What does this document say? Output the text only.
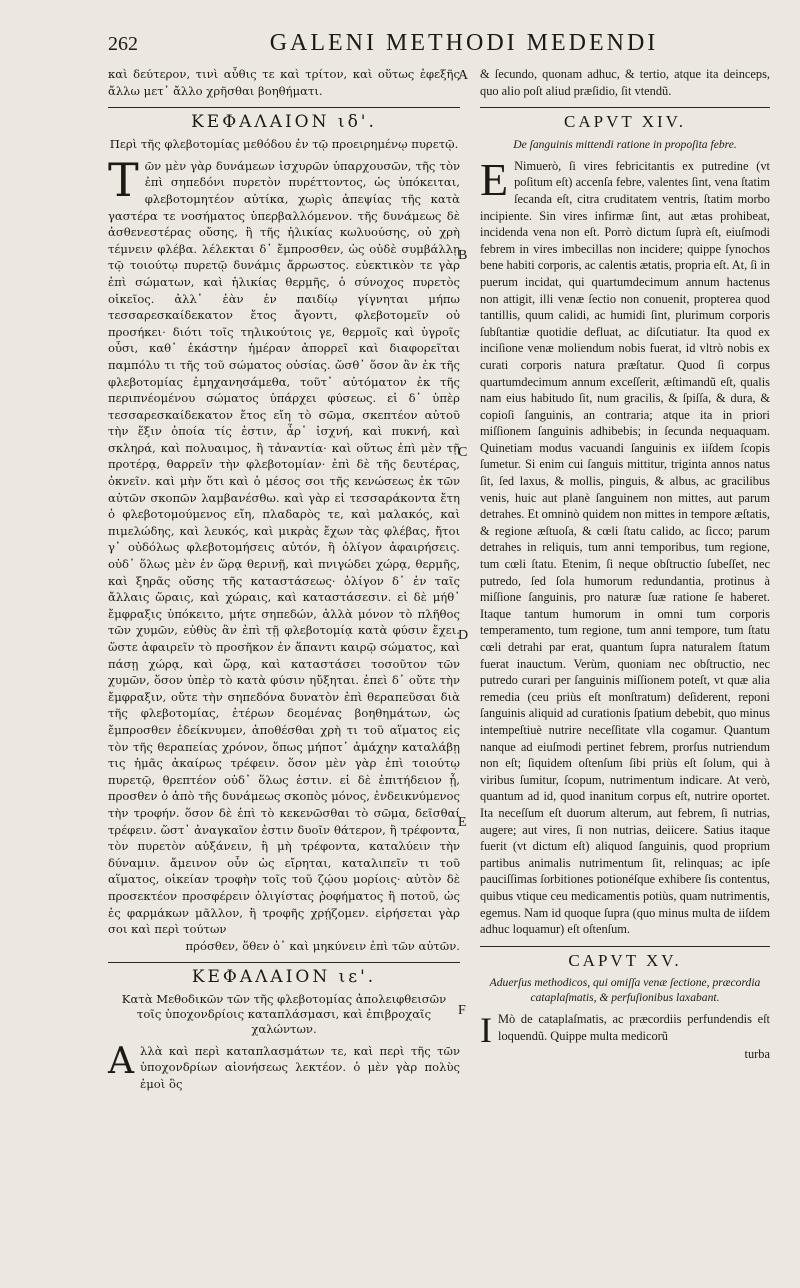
262	GALENI METHODI MEDENDI

καὶ δεύτερον, τινὶ αὖθις τε καὶ τρίτον, καὶ οὕτως ἐφεξῆς ἄλλω μετ᾽ ἄλλο χρῆσθαι βοηθήματι.

ΚΕΦΑΛΑΙΟΝ ιδ'.
Περὶ τῆς φλεβοτομίας μεθόδου ἐν τῷ προειρημένῳ πυρετῷ.

Τῶν μὲν γὰρ δυνάμεων ἰσχυρῶν ὑπαρχουσῶν, τῆς τὸν ἐπὶ σηπεδόνι πυρετὸν πυρέττοντος, ὡς ὑπόκειται, φλεβοτομητέον αὐτίκα, χωρὶς ἀπεψίας τῆς κατὰ γαστέρα τε νοσήματος ὑπερβαλλόμενον. τῆς δυνάμεως δὲ ἀσθενεστέρας οὔσης, ἢ τῆς ἡλικίας κωλυούσης, οὐ χρὴ τέμνειν φλέβα. λέλεκται δ᾽ ἔμπροσθεν, ὡς οὐδὲ συμβάλλῃ τῷ τοιούτῳ πυρετῷ δυνάμις ἄρρωστος. εὐεκτικὸν τε γὰρ ἐπὶ σώματων, καὶ ἡλικίας θερμῆς, ὁ σύνοχος πυρετὸς οἰκεῖος. ἀλλ᾽ ἐὰν ἐν παιδίῳ γίγνηται μήπω τεσσαρεσκαίδεκατον ἔτος ἄγοντι, φλεβοτομεῖν οὐ προσήκει· διότι τοῖς τηλικούτοις γε, θερμοῖς καὶ ὑγροῖς οὖσι, καθ᾽ ἑκάστην ἡμέραν ἀπορρεῖ καὶ διαφορεῖται παμπόλυ τι τῆς τοῦ σώματος οὐσίας. ὥσθ᾽ ὅσον ἂν ἐκ τῆς φλεβοτομίας ἐμηχανησάμεθα, τοῦτ᾽ αὐτόματον ἐκ τῆς περιπνέομένου σώματος ὑπάρχει φύσεως. εἰ δ᾽ ὑπὲρ τεσσαρεσκαίδεκατον ἔτος εἴη τὸ σῶμα, σκεπτέον αὐτοῦ τὴν ἕξιν ὁποία τίς ἐστιν, ἆρ᾽ ἰσχνή, καὶ πυκνή, καὶ σκληρά, καὶ πολυαιμος, ἢ τἀναντία· καὶ οὕτως ἐπὶ μὲν τῇ προτέρᾳ, θαρρεῖν τὴν φλεβοτομίαν· ἐπὶ δὲ τῆς δευτέρας, ὀκνεῖν. καὶ μὴν ὅτι καὶ ὁ μέσος σοι τῆς κενώσεως ἐκ τῶν αὐτῶν σκοπῶν λαμβανέσθω. καὶ γὰρ εἰ τεσσαράκοντα ἔτη ὁ φλεβοτομούμενος εἴη, πλαδαρὸς τε, καὶ μαλακός, καὶ πιμελώδης, καὶ λευκός, καὶ μικρὰς ἔχων τὰς φλέβας, ἤτοι γ᾽ οὐδόλως φλεβοτομήσεις αὐτόν, ἢ ὀλίγον ἀφαιρήσεις. οὐδ᾽ ὅλως μὲν ἐν ὥρᾳ θερινῇ, καὶ πνιγώδει χώρᾳ, θερμῆς, καὶ ξηρᾶς οὔσης τῆς καταστάσεως· ὀλίγον δ᾽ ἐν ταῖς ἄλλαις ὥραις, καὶ χώραις, καὶ καταστάσεσιν. εἰ δὲ μήθ᾽ ἔμφραξις ὑπόκειτο, μήτε σηπεδών, ἀλλὰ μόνον τὸ πλῆθος τῶν χυμῶν, εὐθὺς ἂν ἐπὶ τῇ φλεβοτομίᾳ κατὰ φύσιν ἔχει. ὥστε ἀφαιρεῖν τὸ προσῆκον ἐν ἅπαντι καιρῷ σώματος, καὶ πάσῃ χώρᾳ, καὶ ὥρᾳ, καὶ καταστάσει τοσοῦτον τῶν χυμῶν, ὅσον ὑπὲρ τὸ κατὰ φύσιν ηὔξηται. ἐπεὶ δ᾽ οὔτε τὴν ἔμφραξιν, οὔτε τὴν σηπεδόνα δυνατὸν ἐπὶ θεραπεῦσαι διὰ τῆς φλεβοτομίας, ἑτέρων δεομένας βοηθημάτων, ὡς ἔμπροσθεν ἐδείκνυμεν, ἀποθέσθαι χρὴ τι τοῦ αἵματος εἰς τὸν τῆς θεραπείας χρόνον, ὅπως μήποτ᾽ ἀμάχην καταλάβῃ τις ἡμᾶς ἀκαίρως τρέφειν. ὅσον μὲν γὰρ ἐπὶ τοιούτῳ πυρετῷ, θρεπτέον οὐδ᾽ ὅλως ἐστιν. εἰ δὲ ἐπιτήδειον ᾖ, προσθεν ὁ ἀπὸ τῆς δυνάμεως σκοπὸς μόνος, ἐνδεικνύμενος τὴν τροφήν. ὅσον δὲ ἐπὶ τὸ κεκενῶσθαι τὸ σῶμα, δεῖσθαί τρέφειν. ὥστ᾽ ἀναγκαῖον ἐστιν δυοῖν θάτερον, ἢ τρέφοντα, τὸν πυρετὸν αὐξάνειν, ἢ μὴ τρέφοντα, καταλύειν τὴν δύναμιν. ἄμεινον οὖν ὡς εἴρηται, καταλιπεῖν τι τοῦ αἵματος, οἰκείαν τροφὴν τοῖς τοῦ ζῴου μορίοις· αὐτὸν δὲ προσεκτέον προσφέρειν ὀλιγίστας ῥοφήματος ἢ ποτοῦ, ὡς ἐς φαρμάκων μᾶλλον, ἢ τροφῆς χρῄζομεν. εἰρήσεται γὰρ σοι καὶ περὶ τούτων

πρόσθεν, ὅθεν ὀ᾽ καὶ μηκύνειν ἐπὶ τῶν αὐτῶν.

ΚΕΦΑΛΑΙΟΝ ιε'.
Κατὰ Μεθοδικῶν τῶν τῆς φλεβοτομίας ἀπολειφθεισῶν τοῖς ὑποχονδρίοις καταπλάσμασι, καὶ ἐπιβροχαῖς χαλώντων.

Αλλὰ καὶ περὶ καταπλασμάτων τε, καὶ περὶ τῆς τῶν ὑποχονδρίων αἰονήσεως λεκτέον. ὁ μὲν γὰρ πολὺς ἐμοὶ ὃς

A
B
C
D
E
F

& ſecundo, quonam adhuc, & tertio, atque ita deinceps, quo alio poſt aliud præſidio, ſit vtendũ.

CAPVT XIV.
De ſanguinis mittendi ratione in propoſita febre.

E Nimuerò, ſi vires febricitantis ex putredine (vt poſitum eſt) accenſa febre, valentes ſint, vena ſtatim ſecanda eſt, citra cruditatem ventris, ſtatim morbo incipiente. Sin vires infirmæ ſint, aut ætas prohibeat, incidenda vena non eſt. Porrò dictum ſuprà eſt, eiuſmodi febrem in vires imbecillas non incidere; quippe ſynochos bene habiti corporis, ac calentis ætatis, propria eſt. At, ſi in puerum incidat, qui quartumdecimum annum hactenus non attigit, illi venæ ſectio non conuenit, propterea quod tantillis, quum calidi, ac humidi ſint, plurimum corporis ſubſtantiæ quotidie defluat, ac diſcutiatur. Ita quod ex inciſione venæ moliendum nobis fuerat, id vltrò nobis ex curati corporis natura præſtatur. Quod ſi corpus quartumdecimum annum exceſſerit, æſtimandũ eſt, qualis nam eius habitudo ſit, num gracilis, & ſpiſſa, & dura, & copioſi ſanguinis, an contraria; atque ita in priori miſſionem ſanguinis adhibebis; in ſecunda nequaquam. Quinetiam modus vacuandi ſanguinis ex iiſdem ſcopis ſumetur. Si enim cui ſanguis mittitur, triginta annos natus ſit, ſed laxus, & mollis, pinguis, & albus, ac gracilibus venis, huic aut planè ſanguinem non mittes, aut parum detrahes. Et omninò quidem non mittes in tempore æſtatis, & regione æſtuoſa, & cœli ſtatu calido, ac ſicco; parum detrahes in reliquis, tum anni temporibus, tum regione, tum cœli ſtatu. Etenim, ſi neque obſtructio ſubeſſet, nec putredo, ſed ſola humorum redundantia, protinus à miſſione ſanguinis, pro naturæ ſuæ ratione ſe haberet. Itaque tantum humorum in omni tum corporis temperamento, tum regione, tum anni tempore, tum ſtatu cœli detrahi par erat, quantum ſupra naturalem ſtatum fuerat inauctum. Verùm, quoniam nec obſtructio, nec putredo curari per ſanguinis miſſionem poteſt, vt quæ alia remedia (ceu priùs eſt monſtratum) deſiderent, reponi ſanguinis aliquid ad curationis ſpatium debebit, quo minus intempeſtiuè nutrire neceſſitate vlla cogamur. Quantum nanque ad eiuſmodi pertinet febrem, prorſus nutriendum non eſt; ſiquidem oſtenſum ſibi priùs eſt ſolum, qui à viribus ſumitur, ſcopum, nutrimentum indicare. At verò, quantum ad id, quod inanitum corpus eſt, nutrire oportet. Ita neceſſum eſt duorum alterum, aut febrem, ſi nutrias, augere; aut vires, ſi non nutrias, deiicere. Satius itaque fuerit (vt dictum eſt) aliquod ſanguinis, quod proprium partibus animalis nutrimentum ſit, relinquas; ac ipſe pauciſſimas ſorbitiones potionéſque exhibere ſis contentus, quibus vtique ceu medicamentis potiùs, quam nutrimentis, egemus. Nam id quoque ſupra (quo minus multa de iiſdem adhuc loquamur) eſt oſtenſum.

CAPVT XV.
Aduerſus methodicos, qui omiſſa venæ ſectione, præcordia cataplaſmatis, & perfuſionibus laxabant.

I Mò de cataplaſmatis, ac præcordiis perfundendis eſt loquendũ. Quippe multa medicorũ

turba
